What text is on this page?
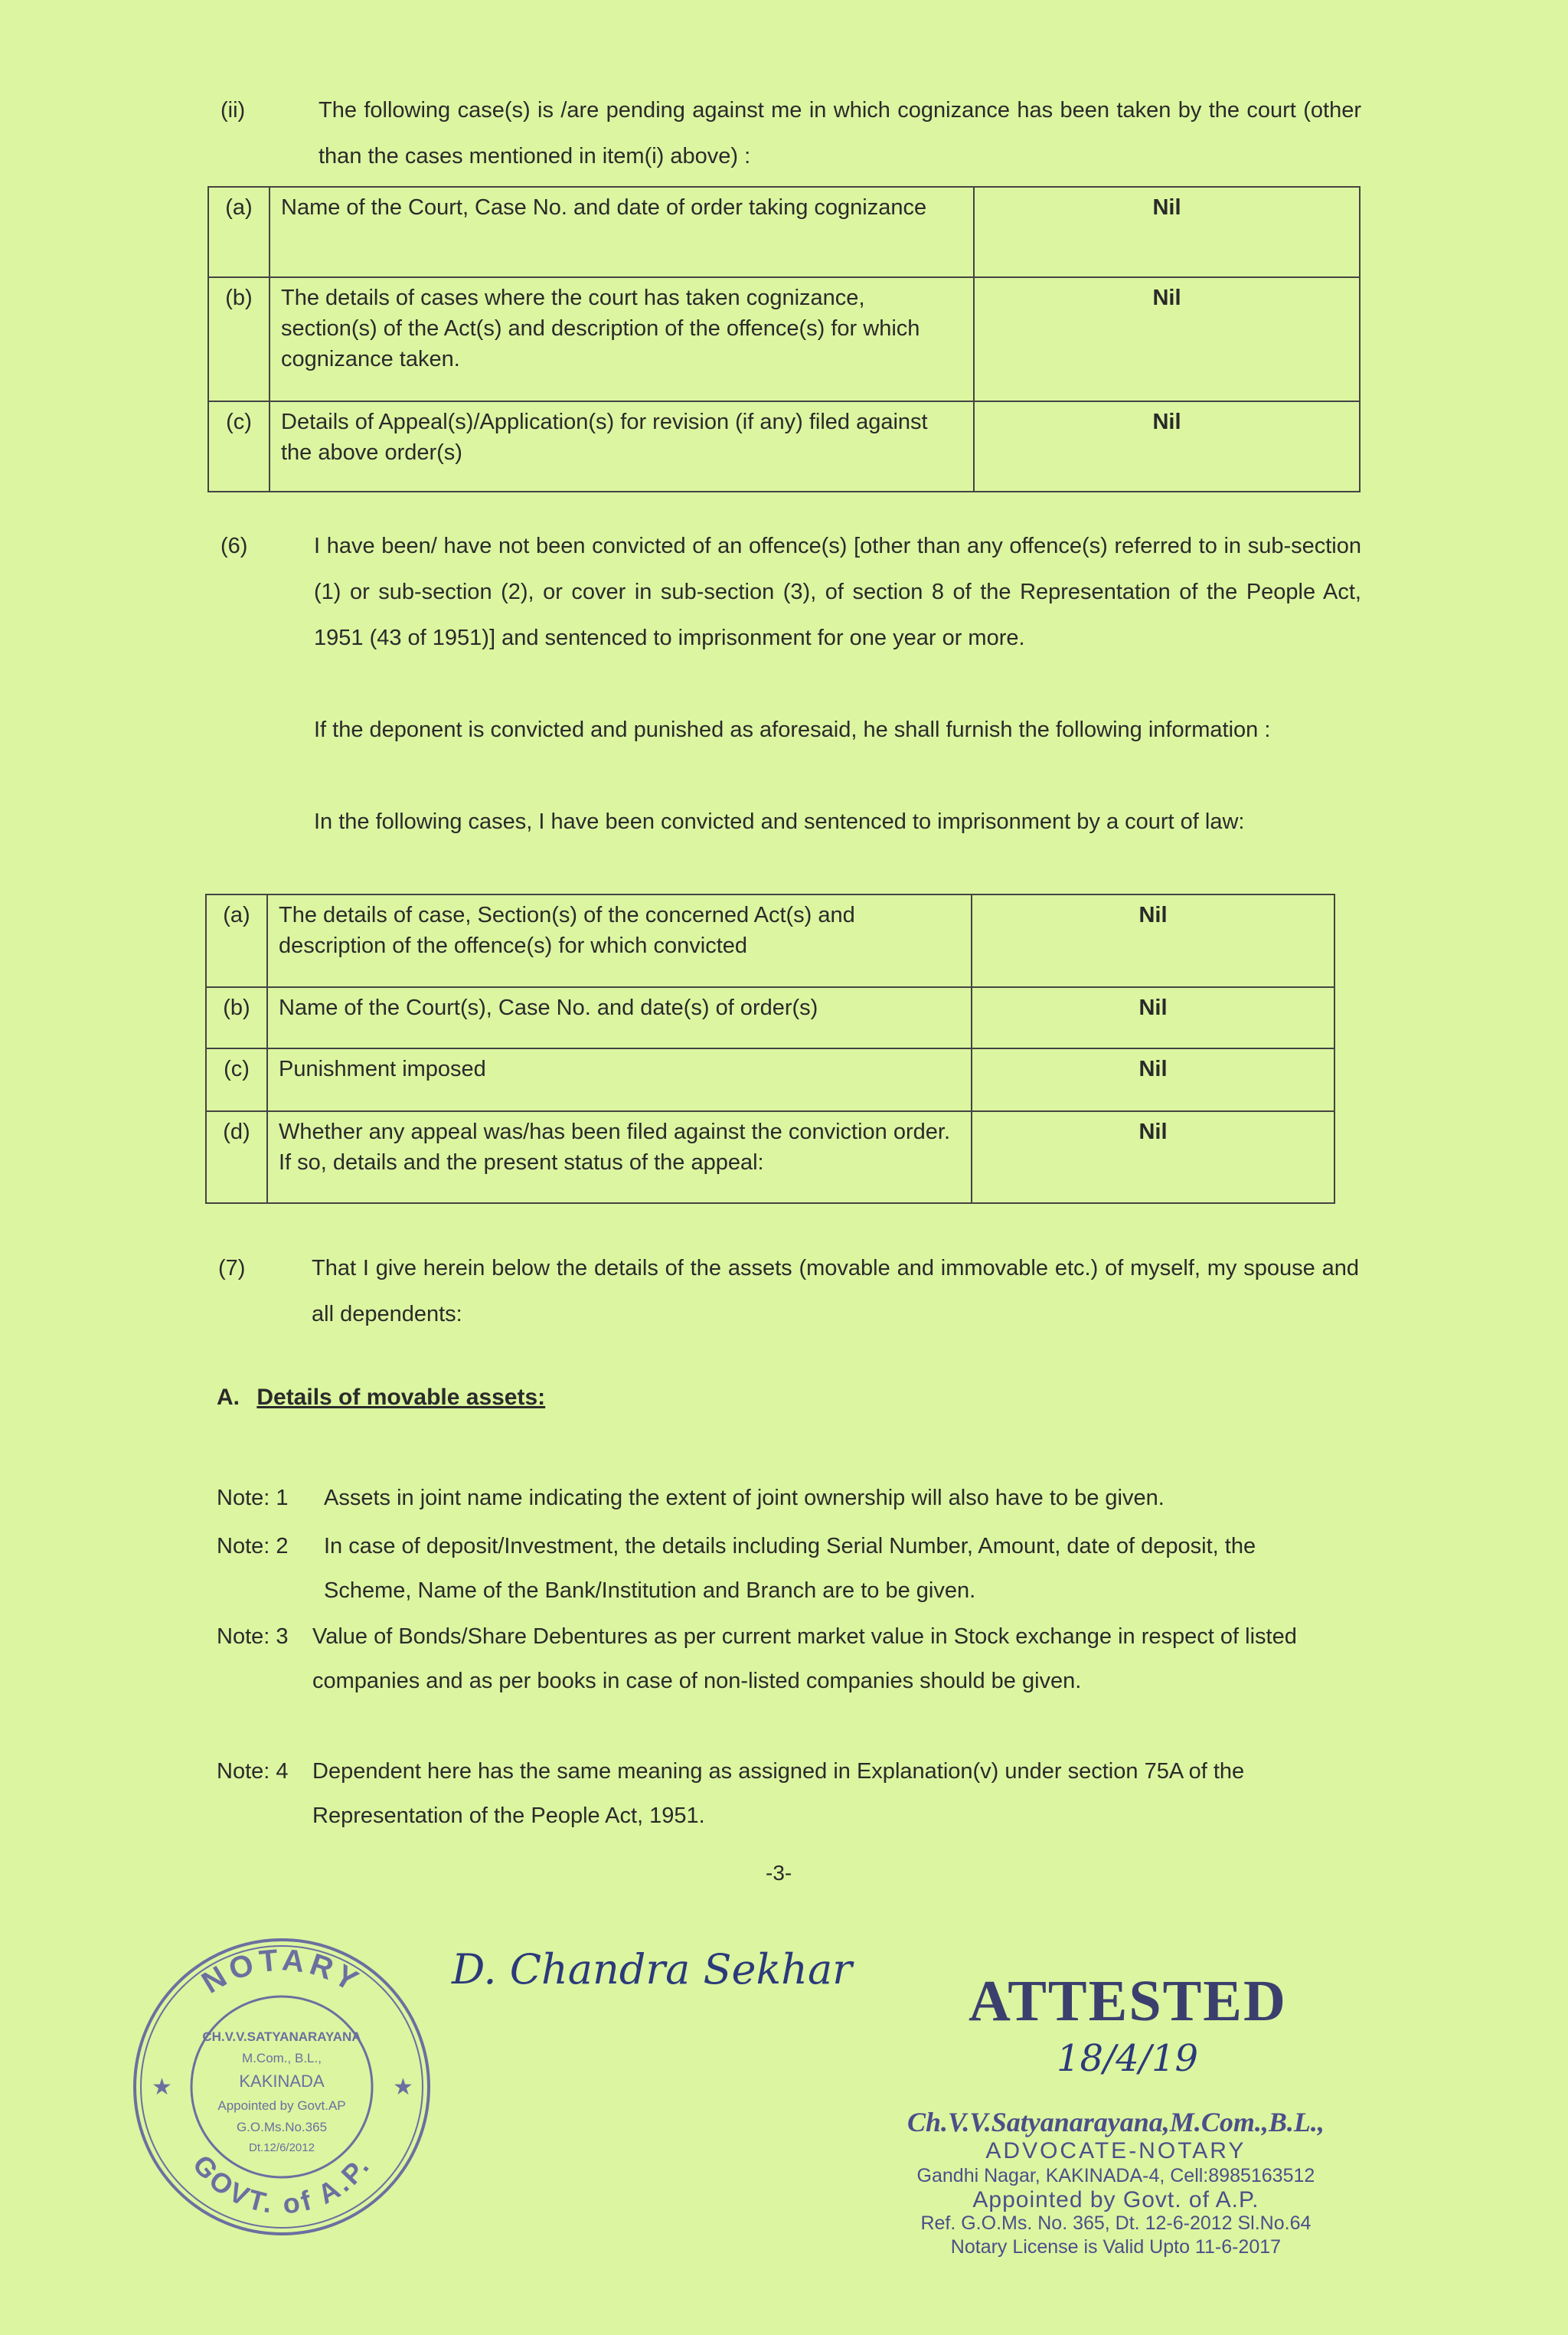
(ii)	The following case(s) is /are pending against me in which cognizance has been taken by the court (other than the cases mentioned in item(i) above) :
(a)	Name of the Court, Case No. and date of order taking cognizance	Nil
(b)	The details of cases where the court has taken cognizance, section(s) of the Act(s) and description of the offence(s) for which cognizance taken.	Nil
(c)	Details of Appeal(s)/Application(s) for revision (if any) filed against the above order(s)	Nil
(6)	I have been/ have not been convicted of an offence(s) [other than any offence(s) referred to in sub-section (1) or sub-section (2), or cover in sub-section (3), of section 8 of the Representation of the People Act, 1951 (43 of 1951)] and sentenced to imprisonment for one year or more.
If the deponent is convicted and punished as aforesaid, he shall furnish the following information :
In the following cases, I have been convicted and sentenced to imprisonment by a court of law:
(a)	The details of case, Section(s) of the concerned Act(s) and description of the offence(s) for which convicted	Nil
(b)	Name of the Court(s), Case No. and date(s) of order(s)	Nil
(c)	Punishment imposed	Nil
(d)	Whether any appeal was/has been filed against the conviction order. If so, details and the present status of the appeal:	Nil
(7)	That I give herein below the details of the assets (movable and immovable etc.) of myself, my spouse and all dependents:
A. Details of movable assets:
Note: 1 Assets in joint name indicating the extent of joint ownership will also have to be given.
Note: 2 In case of deposit/Investment, the details including Serial Number, Amount, date of deposit, the Scheme, Name of the Bank/Institution and Branch are to be given.
Note: 3 Value of Bonds/Share Debentures as per current market value in Stock exchange in respect of listed companies and as per books in case of non-listed companies should be given.
Note: 4 Dependent here has the same meaning as assigned in Explanation(v) under section 75A of the Representation of the People Act, 1951.
-3-
NOTARY
GOVT. of A.P.
★	★
CH.V.V.SATYANARAYANA
M.Com., B.L.,
KAKINADA
Appointed by Govt.AP
G.O.Ms.No.365
Dt.12/6/2012
D. Chandra Sekhar ATTESTED
18/4/19
Ch.V.V.Satyanarayana,M.Com.,B.L.,
ADVOCATE-NOTARY
Gandhi Nagar, KAKINADA-4, Cell:8985163512
Appointed by Govt. of A.P.
Ref. G.O.Ms. No. 365, Dt. 12-6-2012 Sl.No.64
Notary License is Valid Upto 11-6-2017
